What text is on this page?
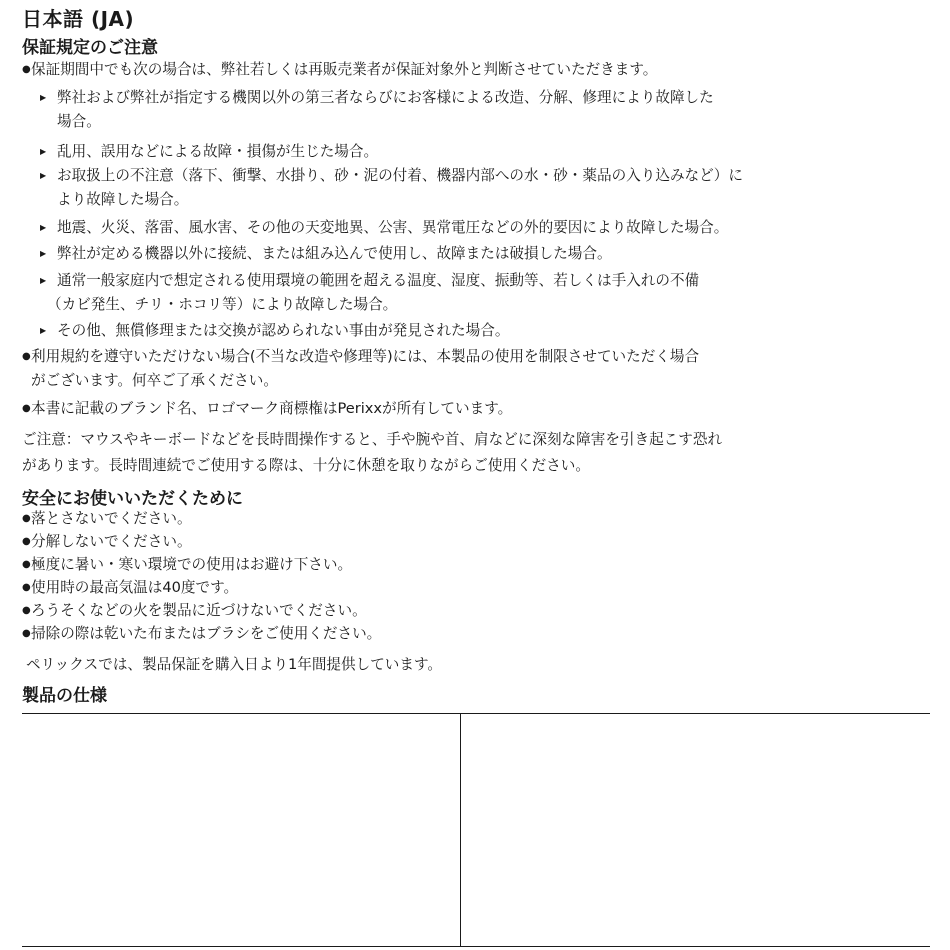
日本語 (JA)
保証規定のご注意
●保証期間中でも次の場合は、弊社若しくは再販売業者が保証対象外と判断させていただきます。
▶ 弊社および弊社が指定する機関以外の第三者ならびにお客様による改造、分解、修理により故障した
場合。
▶ 乱用、誤用などによる故障・損傷が生じた場合。
▶ お取扱上の不注意（落下、衝撃、水掛り、砂・泥の付着、機器内部への水・砂・薬品の入り込みなど）に
より故障した場合。
▶ 地震、火災、落雷、風水害、その他の天変地異、公害、異常電圧などの外的要因により故障した場合。
▶ 弊社が定める機器以外に接続、または組み込んで使用し、故障または破損した場合。
▶ 通常一般家庭内で想定される使用環境の範囲を超える温度、湿度、振動等、若しくは手入れの不備
（カビ発生、チリ・ホコリ等）により故障した場合。
▶ その他、無償修理または交換が認められない事由が発見された場合。
●利用規約を遵守いただけない場合(不当な改造や修理等)には、本製品の使用を制限させていただく場合
がございます。何卒ご了承ください。
●本書に記載のブランド名、ロゴマーク商標権はPerixxが所有しています。
ご注意：マウスやキーボードなどを長時間操作すると、手や腕や首、肩などに深刻な障害を引き起こす恐れ
があります。長時間連続でご使用する際は、十分に休憩を取りながらご使用ください。
安全にお使いいただくために
●落とさないでください。
●分解しないでください。
●極度に暑い・寒い環境での使用はお避け下さい。
●使用時の最高気温は40度です。
●ろうそくなどの火を製品に近づけないでください。
●掃除の際は乾いた布またはブラシをご使用ください。
ペリックスでは、製品保証を購入日より1年間提供しています。
製品の仕様
